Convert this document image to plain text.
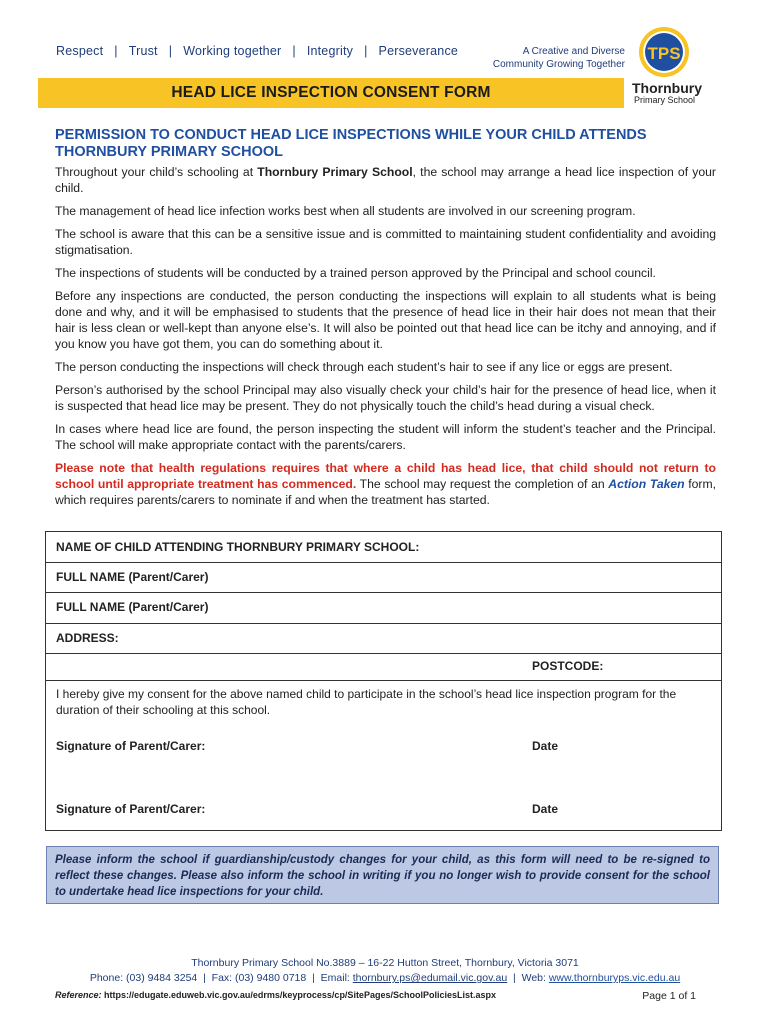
Respect | Trust | Working together | Integrity | Perseverance	A Creative and Diverse
Community Growing Together
TPS
Thornbury
Primary School
HEAD LICE INSPECTION CONSENT FORM
PERMISSION TO CONDUCT HEAD LICE INSPECTIONS WHILE YOUR CHILD ATTENDS
THORNBURY PRIMARY SCHOOL

Throughout your child’s schooling at Thornbury Primary School, the school may arrange a head lice inspection of your child.

The management of head lice infection works best when all students are involved in our screening program.

The school is aware that this can be a sensitive issue and is committed to maintaining student confidentiality and avoiding stigmatisation.

The inspections of students will be conducted by a trained person approved by the Principal and school council.

Before any inspections are conducted, the person conducting the inspections will explain to all students what is being done and why, and it will be emphasised to students that the presence of head lice in their hair does not mean that their hair is less clean or well-kept than anyone else’s. It will also be pointed out that head lice can be itchy and annoying, and if you know you have got them, you can do something about it.

The person conducting the inspections will check through each student’s hair to see if any lice or eggs are present.

Person’s authorised by the school Principal may also visually check your child’s hair for the presence of head lice, when it is suspected that head lice may be present. They do not physically touch the child’s head during a visual check.

In cases where head lice are found, the person inspecting the student will inform the student’s teacher and the Principal. The school will make appropriate contact with the parents/carers.

Please note that health regulations requires that where a child has head lice, that child should not return to school until appropriate treatment has commenced. The school may request the completion of an Action Taken form, which requires parents/carers to nominate if and when the treatment has started.

NAME OF CHILD ATTENDING THORNBURY PRIMARY SCHOOL:
FULL NAME (Parent/Carer)
FULL NAME (Parent/Carer)
ADDRESS:
POSTCODE:
I hereby give my consent for the above named child to participate in the school’s head lice inspection program for the duration of their schooling at this school.
Signature of Parent/Carer:	Date
Signature of Parent/Carer:	Date
Please inform the school if guardianship/custody changes for your child, as this form will need to be re-signed to reflect these changes. Please also inform the school in writing if you no longer wish to provide consent for the school to undertake head lice inspections for your child.
Thornbury Primary School No.3889 – 16-22 Hutton Street, Thornbury, Victoria 3071
Phone: (03) 9484 3254 | Fax: (03) 9480 0718 | Email: thornbury.ps@edumail.vic.gov.au | Web: www.thornburyps.vic.edu.au
Reference: https://edugate.eduweb.vic.gov.au/edrms/keyprocess/cp/SitePages/SchoolPoliciesList.aspx	Page 1 of 1
